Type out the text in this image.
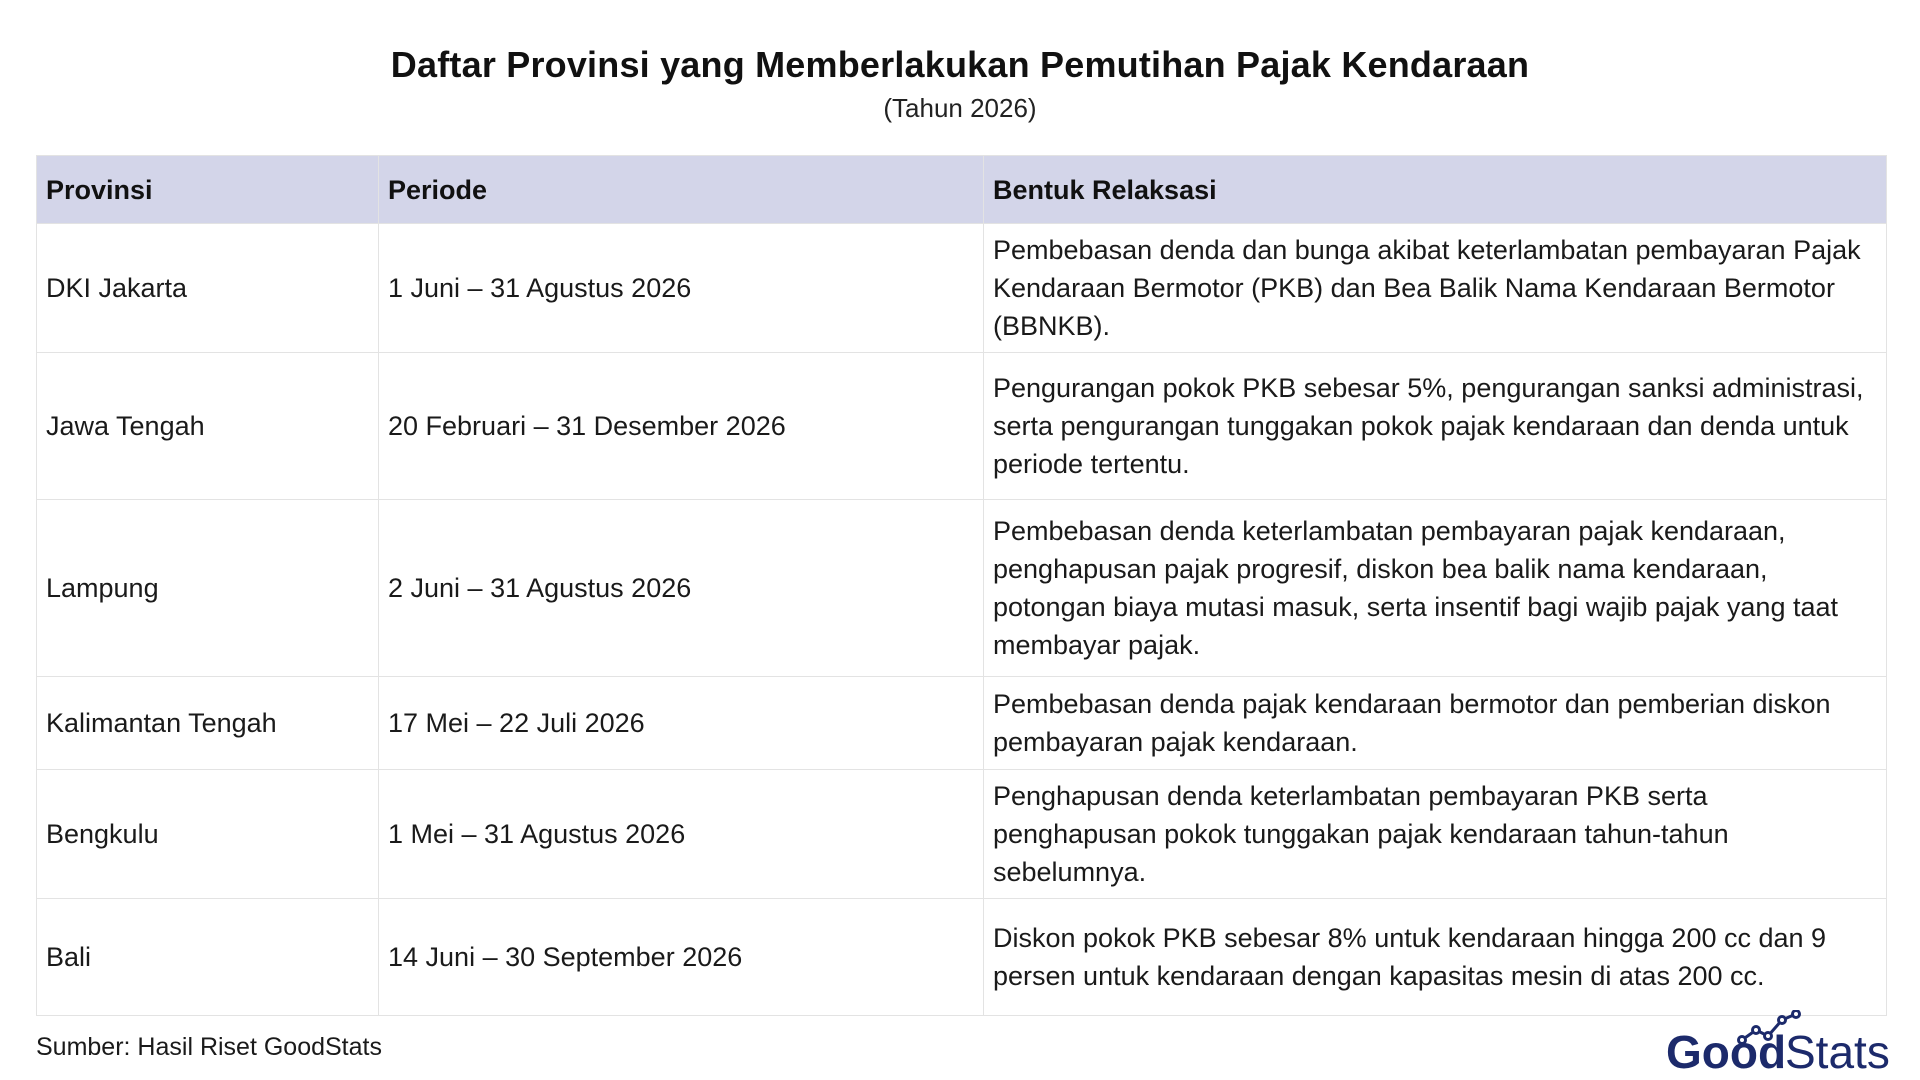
Daftar Provinsi yang Memberlakukan Pemutihan Pajak Kendaraan
(Tahun 2026)
Provinsi	Periode	Bentuk Relaksasi
DKI Jakarta	1 Juni – 31 Agustus 2026	Pembebasan denda dan bunga akibat keterlambatan pembayaran Pajak Kendaraan Bermotor (PKB) dan Bea Balik Nama Kendaraan Bermotor (BBNKB).
Jawa Tengah	20 Februari – 31 Desember 2026	Pengurangan pokok PKB sebesar 5%, pengurangan sanksi administrasi, serta pengurangan tunggakan pokok pajak kendaraan dan denda untuk periode tertentu.
Lampung	2 Juni – 31 Agustus 2026	Pembebasan denda keterlambatan pembayaran pajak kendaraan, penghapusan pajak progresif, diskon bea balik nama kendaraan, potongan biaya mutasi masuk, serta insentif bagi wajib pajak yang taat membayar pajak.
Kalimantan Tengah	17 Mei – 22 Juli 2026	Pembebasan denda pajak kendaraan bermotor dan pemberian diskon pembayaran pajak kendaraan.
Bengkulu	1 Mei – 31 Agustus 2026	Penghapusan denda keterlambatan pembayaran PKB serta penghapusan pokok tunggakan pajak kendaraan tahun-tahun sebelumnya.
Bali	14 Juni – 30 September 2026	Diskon pokok PKB sebesar 8% untuk kendaraan hingga 200 cc dan 9 persen untuk kendaraan dengan kapasitas mesin di atas 200 cc.
Sumber: Hasil Riset GoodStats	Good
Stats
